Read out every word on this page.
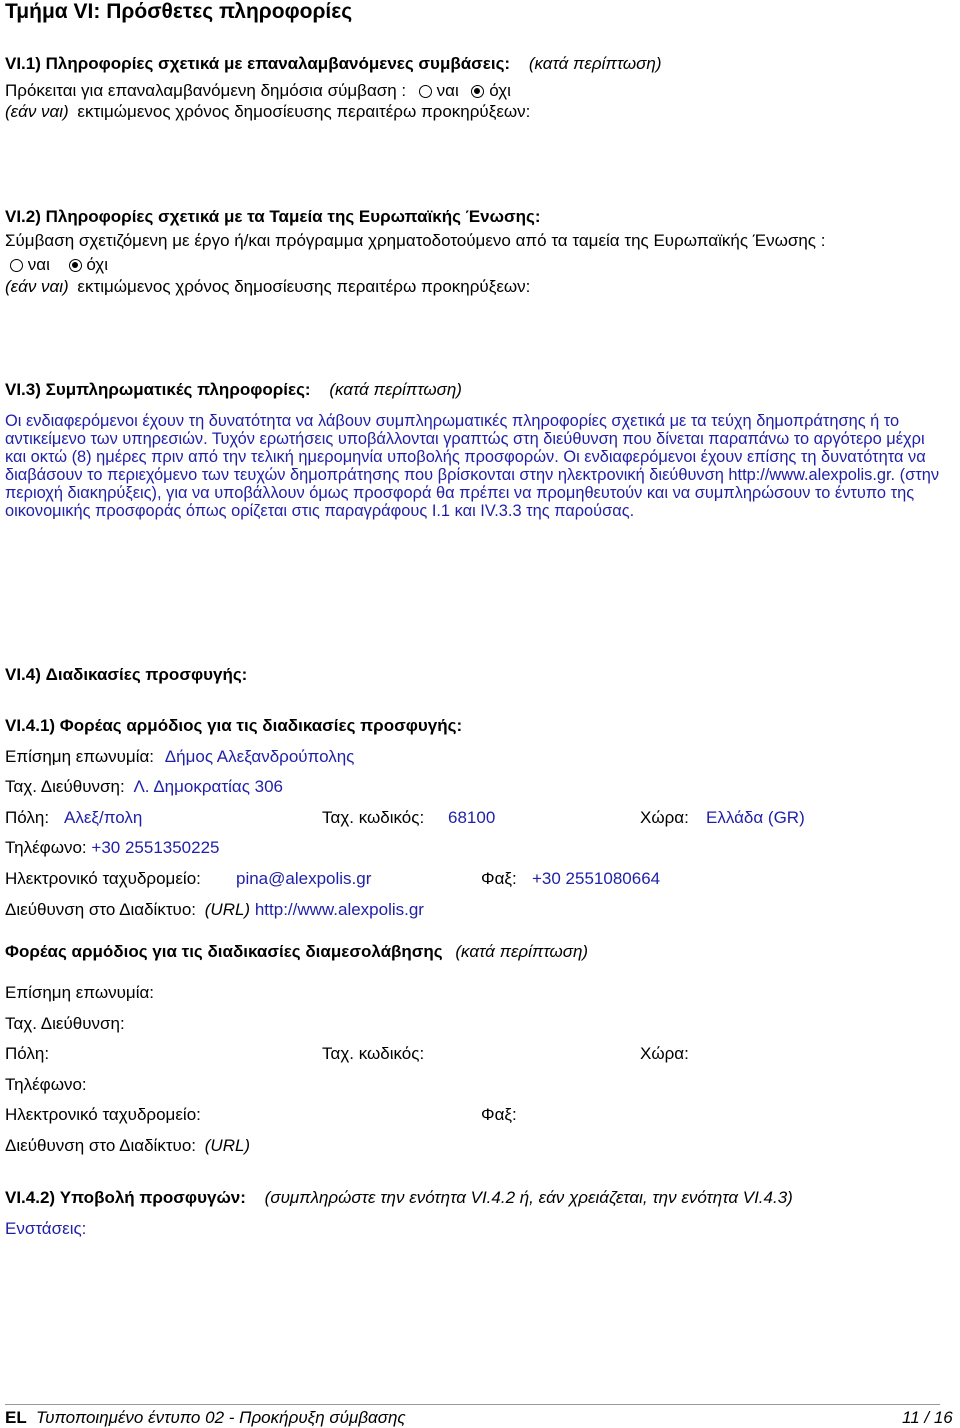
Τμήμα VI: Πρόσθετες πληροφορίες
VI.1) Πληροφορίες σχετικά με επαναλαμβανόμενες συμβάσεις: (κατά περίπτωση)
Πρόκειται για επαναλαμβανόμενη δημόσια σύμβαση : ναι όχι
(εάν ναι) εκτιμώμενος χρόνος δημοσίευσης περαιτέρω προκηρύξεων:
VI.2) Πληροφορίες σχετικά με τα Ταμεία της Ευρωπαϊκής Ένωσης:
Σύμβαση σχετιζόμενη με έργο ή/και πρόγραμμα χρηματοδοτούμενο από τα ταμεία της Ευρωπαϊκής Ένωσης :
ναι όχι
(εάν ναι) εκτιμώμενος χρόνος δημοσίευσης περαιτέρω προκηρύξεων:
VI.3) Συμπληρωματικές πληροφορίες: (κατά περίπτωση)
Οι ενδιαφερόμενοι έχουν τη δυνατότητα να λάβουν συμπληρωματικές πληροφορίες σχετικά με τα τεύχη δημοπράτησης ή το αντικείμενο των υπηρεσιών. Τυχόν ερωτήσεις υποβάλλονται γραπτώς στη διεύθυνση που δίνεται παραπάνω το αργότερο μέχρι και οκτώ (8) ημέρες πριν από την τελική ημερομηνία υποβολής προσφορών. Οι ενδιαφερόμενοι έχουν επίσης τη δυνατότητα να διαβάσουν το περιεχόμενο των τευχών δημοπράτησης που βρίσκονται στην ηλεκτρονική διεύθυνση http://www.alexpolis.gr. (στην περιοχή διακηρύξεις), για να υποβάλλουν όμως προσφορά θα πρέπει να προμηθευτούν και να συμπληρώσουν το έντυπο της οικονομικής προσφοράς όπως ορίζεται στις παραγράφους Ι.1 και IV.3.3 της παρούσας.
VI.4) Διαδικασίες προσφυγής:
VI.4.1) Φορέας αρμόδιος για τις διαδικασίες προσφυγής:
Επίσημη επωνυμία: Δήμος Αλεξανδρούπολης
Ταχ. Διεύθυνση: Λ. Δημοκρατίας 306
Πόλη: Αλεξ/πολη	Ταχ. κωδικός: 68100	Χώρα: Ελλάδα (GR)
Τηλέφωνο: +30 2551350225
Ηλεκτρονικό ταχυδρομείο: pina@alexpolis.gr	Φαξ: +30 2551080664
Διεύθυνση στο Διαδίκτυο: (URL) http://www.alexpolis.gr
Φορέας αρμόδιος για τις διαδικασίες διαμεσολάβησης (κατά περίπτωση)
Επίσημη επωνυμία:
Ταχ. Διεύθυνση:
Πόλη:	Ταχ. κωδικός:	Χώρα:
Τηλέφωνο:
Ηλεκτρονικό ταχυδρομείο:	Φαξ:
Διεύθυνση στο Διαδίκτυο: (URL)
VI.4.2) Υποβολή προσφυγών: (συμπληρώστε την ενότητα VI.4.2 ή, εάν χρειάζεται, την ενότητα VI.4.3)
Ενστάσεις:
EL Τυποποιημένο έντυπο 02 - Προκήρυξη σύμβασης	11 / 16
